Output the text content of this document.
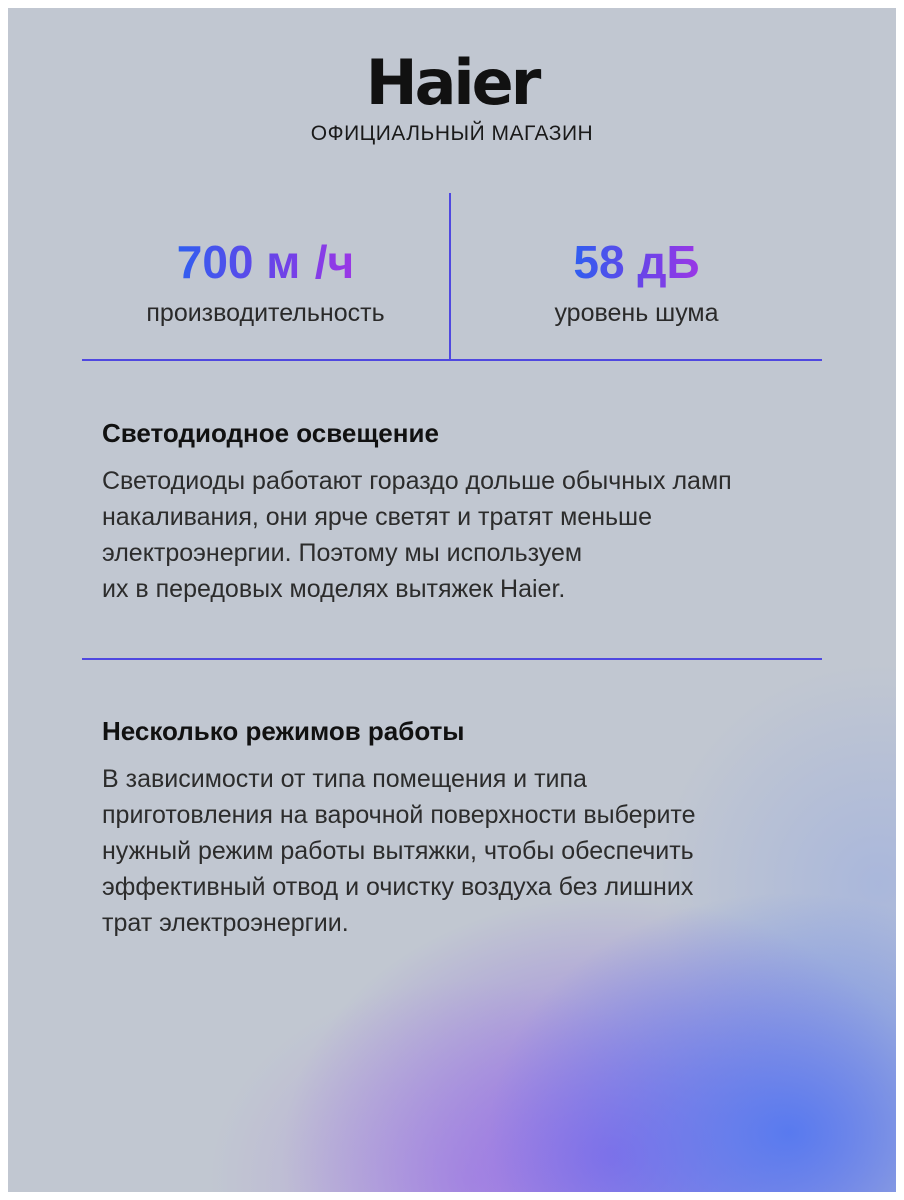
Haier
ОФИЦИАЛЬНЫЙ МАГАЗИН
700 $м^3/ч$
производительность
58 дБ
уровень шума
Светодиодное освещение
Светодиоды работают гораздо дольше обычных ламп
накаливания, они ярче светят и тратят меньше
электроэнергии. Поэтому мы используем
их в передовых моделях вытяжек Haier.
Несколько режимов работы
В зависимости от типа помещения и типа
приготовления на варочной поверхности выберите
нужный режим работы вытяжки, чтобы обеспечить
эффективный отвод и очистку воздуха без лишних
трат электроэнергии.
